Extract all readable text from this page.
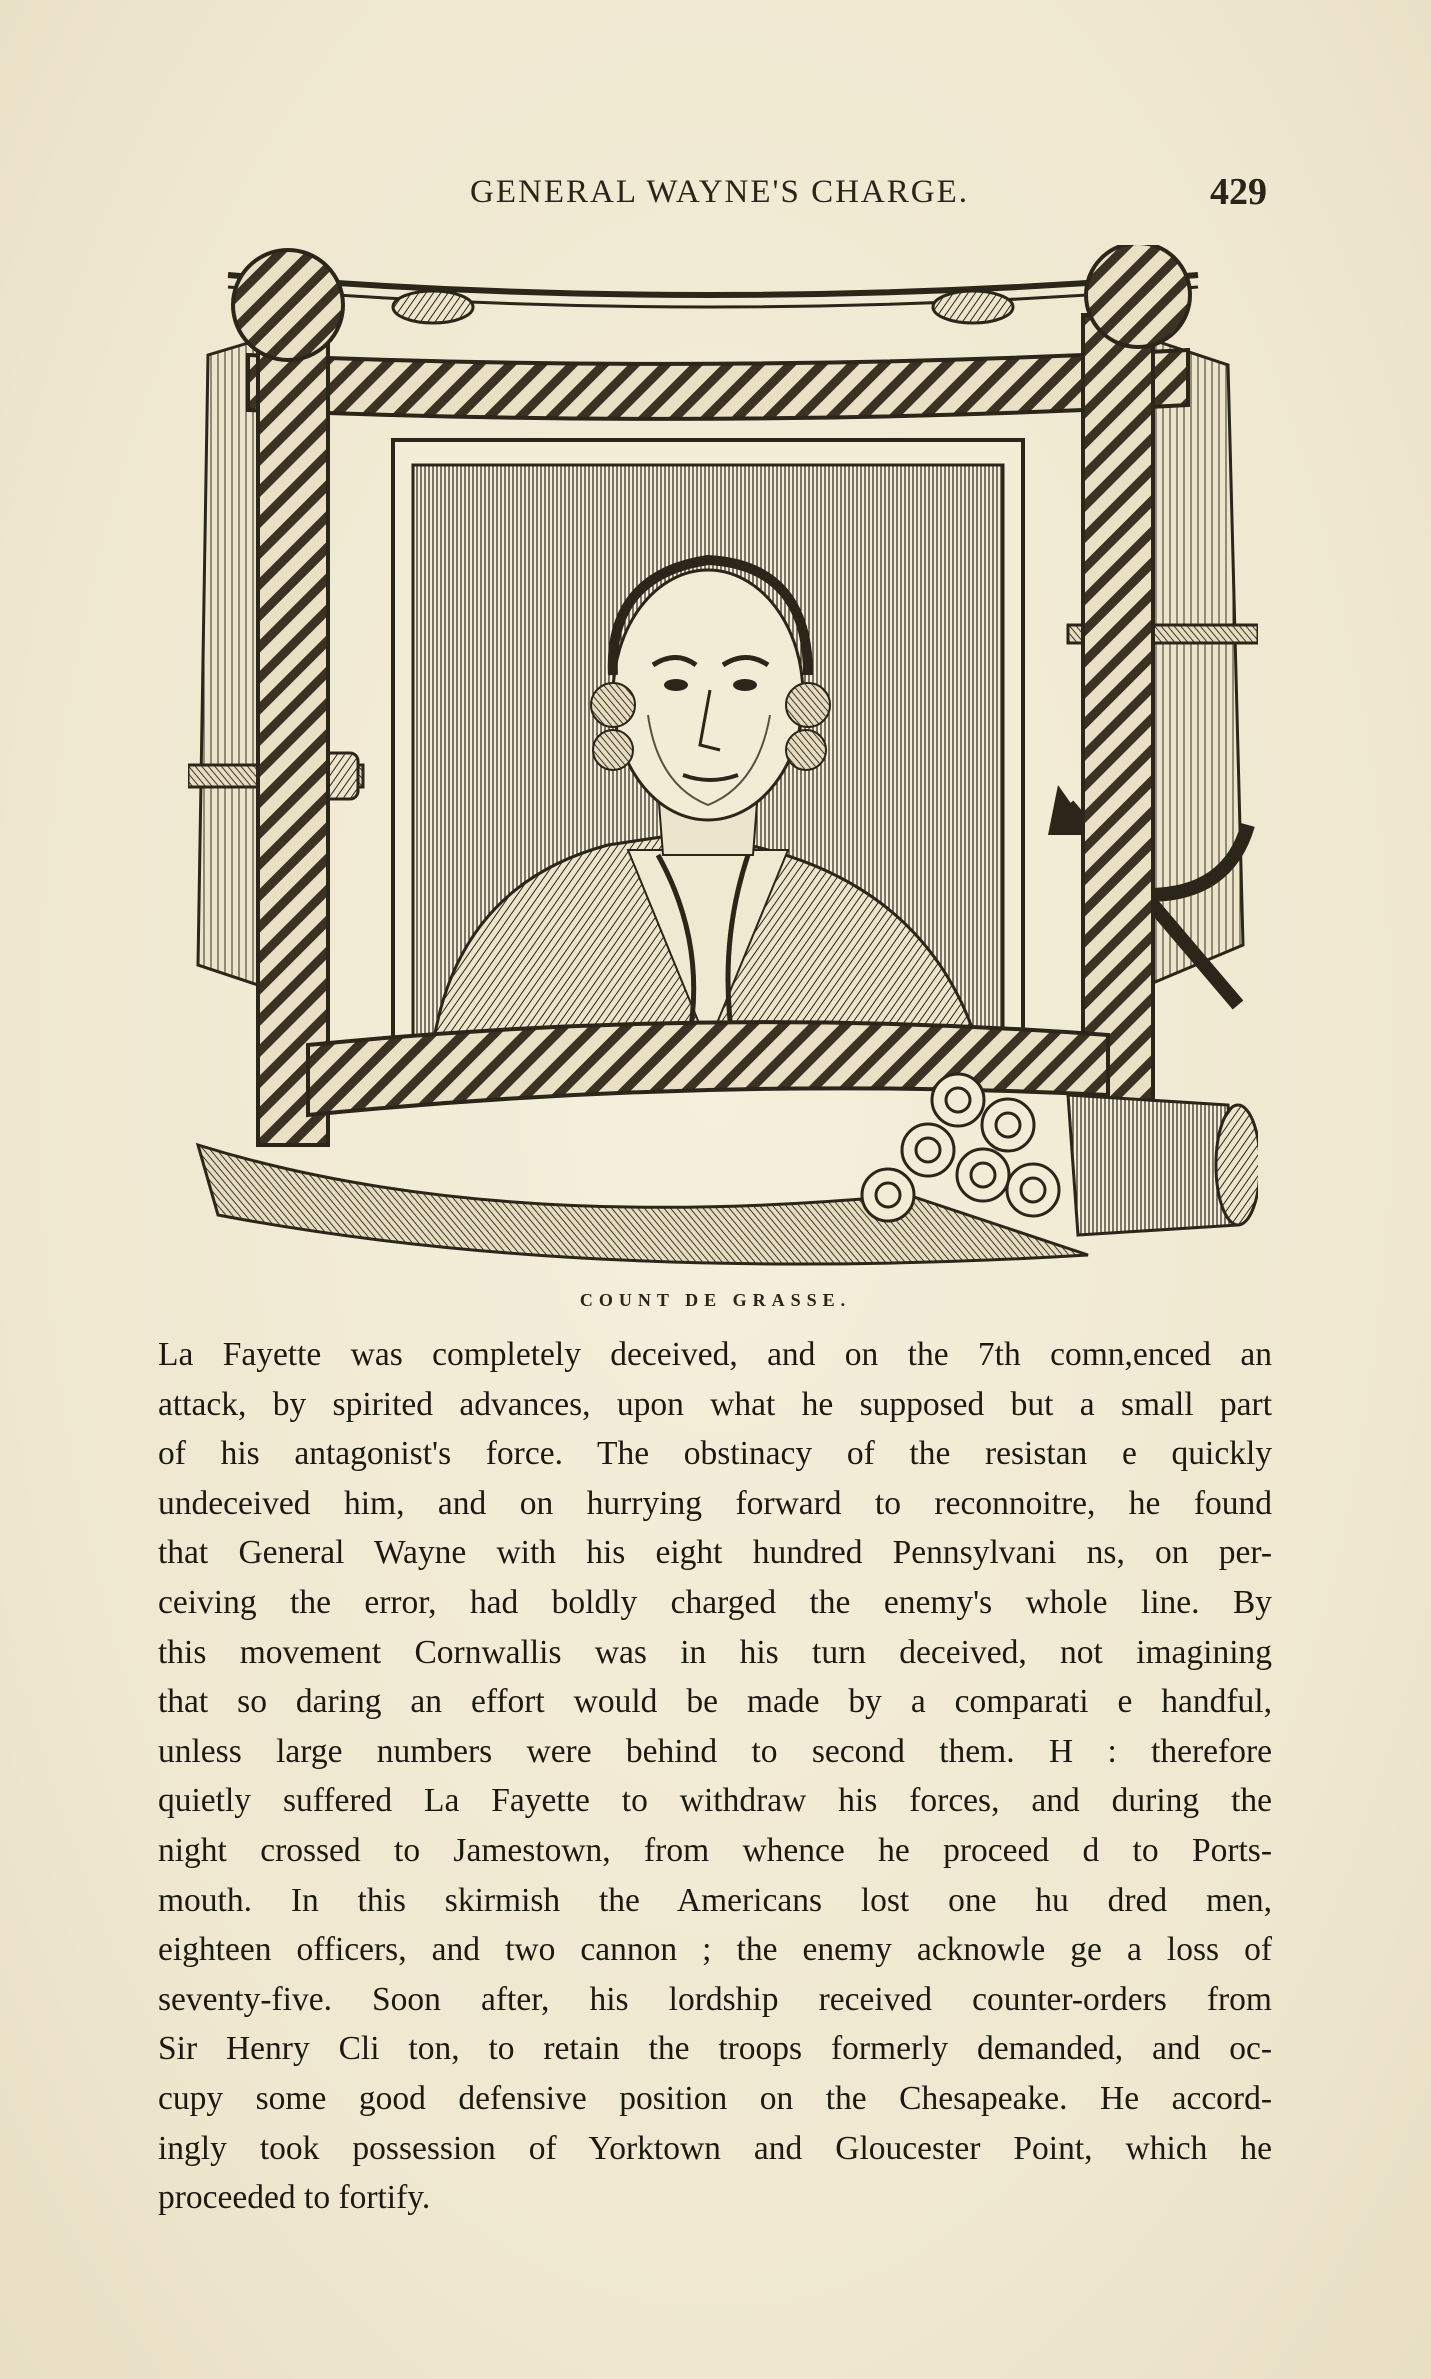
GENERAL WAYNE'S CHARGE.	429
COUNT DE GRASSE.
La Fayette was completely deceived, and on the 7th comn,enced an
attack, by spirited advances, upon what he supposed but a small part
of his antagonist's force. The obstinacy of the resistan e quickly
undeceived him, and on hurrying forward to reconnoitre, he found
that General Wayne with his eight hundred Pennsylvani ns, on per-
ceiving the error, had boldly charged the enemy's whole line. By
this movement Cornwallis was in his turn deceived, not imagining
that so daring an effort would be made by a comparati e handful,
unless large numbers were behind to second them. H : therefore
quietly suffered La Fayette to withdraw his forces, and during the
night crossed to Jamestown, from whence he proceed d to Ports-
mouth. In this skirmish the Americans lost one hu dred men,
eighteen officers, and two cannon ; the enemy acknowle ge a loss of
seventy-five. Soon after, his lordship received counter-orders from
Sir Henry Cli ton, to retain the troops formerly demanded, and oc-
cupy some good defensive position on the Chesapeake. He accord-
ingly took possession of Yorktown and Gloucester Point, which he
proceeded to fortify.
